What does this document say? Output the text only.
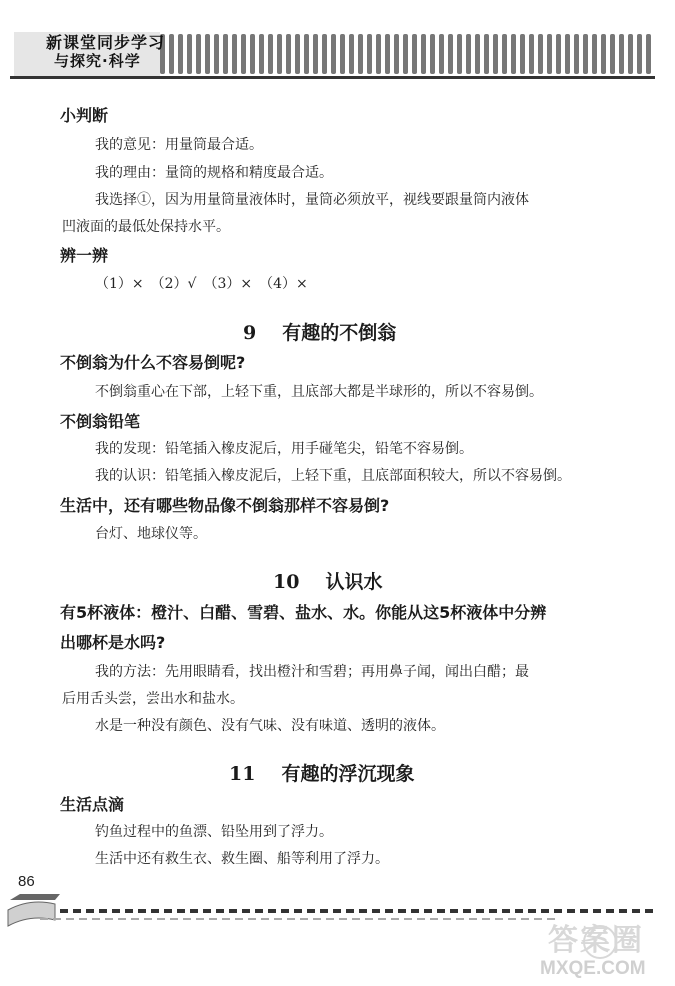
新课堂同步学习
与探究·科学
小判断
我的意见：用量筒最合适。
我的理由：量筒的规格和精度最合适。
我选择①，因为用量筒量液体时，量筒必须放平，视线要跟量筒内液体
凹液面的最低处保持水平。
辨一辨
（1）×　（2）√　（3）×　（4）×
9 有趣的不倒翁
不倒翁为什么不容易倒呢?
不倒翁重心在下部，上轻下重，且底部大都是半球形的，所以不容易倒。
不倒翁铅笔
我的发现：铅笔插入橡皮泥后，用手碰笔尖，铅笔不容易倒。
我的认识：铅笔插入橡皮泥后，上轻下重，且底部面积较大，所以不容易倒。
生活中，还有哪些物品像不倒翁那样不容易倒?
台灯、地球仪等。
10 认识水
有5杯液体：橙汁、白醋、雪碧、盐水、水。你能从这5杯液体中分辨
出哪杯是水吗?
我的方法：先用眼睛看，找出橙汁和雪碧；再用鼻子闻，闻出白醋；最
后用舌头尝，尝出水和盐水。
水是一种没有颜色、没有气味、没有味道、透明的液体。
11 有趣的浮沉现象
生活点滴
钓鱼过程中的鱼漂、铅坠用到了浮力。
生活中还有救生衣、救生圈、船等利用了浮力。
86
答案圈
MXQE.COM
